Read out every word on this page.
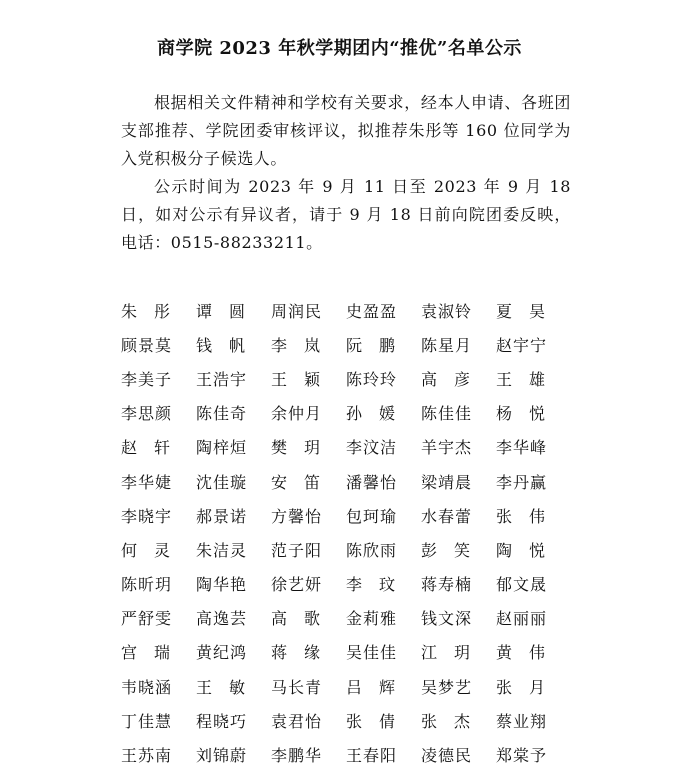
商学院 2023 年秋学期团内“推优”名单公示
根据相关文件精神和学校有关要求，经本人申请、各班团支部推荐、学院团委审核评议，拟推荐朱彤等 160 位同学为入党积极分子候选人。
公示时间为 2023 年 9 月 11 日至 2023 年 9 月 18 日，如对公示有异议者，请于 9 月 18 日前向院团委反映，电话：0515-88233211。
朱彤 谭圆 周润民	史盈盈	袁淑铃	夏昊
顾景莫	钱帆 李岚 阮鹏 陈星月	赵宇宁
李美子	王浩宇	王颖 陈玲玲	高彦 王雄
李思颜	陈佳奇	余仲月	孙媛 陈佳佳	杨悦
赵轩 陶梓烜	樊玥 李汶洁	羊宇杰	李华峰
李华婕	沈佳璇	安笛 潘馨怡	梁靖晨	李丹赢
李晓宇	郝景诺	方馨怡	包珂瑜	水春蕾	张伟
何灵 朱洁灵	范子阳	陈欣雨	彭笑 陶悦
陈昕玥	陶华艳	徐艺妍	李玟 蒋寿楠	郁文晟
严舒雯	高逸芸	高歌 金莉雅	钱文深	赵丽丽
宫瑞 黄纪鸿	蒋缘 吴佳佳	江玥 黄伟
韦晓涵	王敏 马长青	吕辉 吴梦艺	张月
丁佳慧	程晓巧	袁君怡	张倩 张杰 蔡业翔
王苏南	刘锦蔚	李鹏华	王春阳	凌德民	郑棠予
